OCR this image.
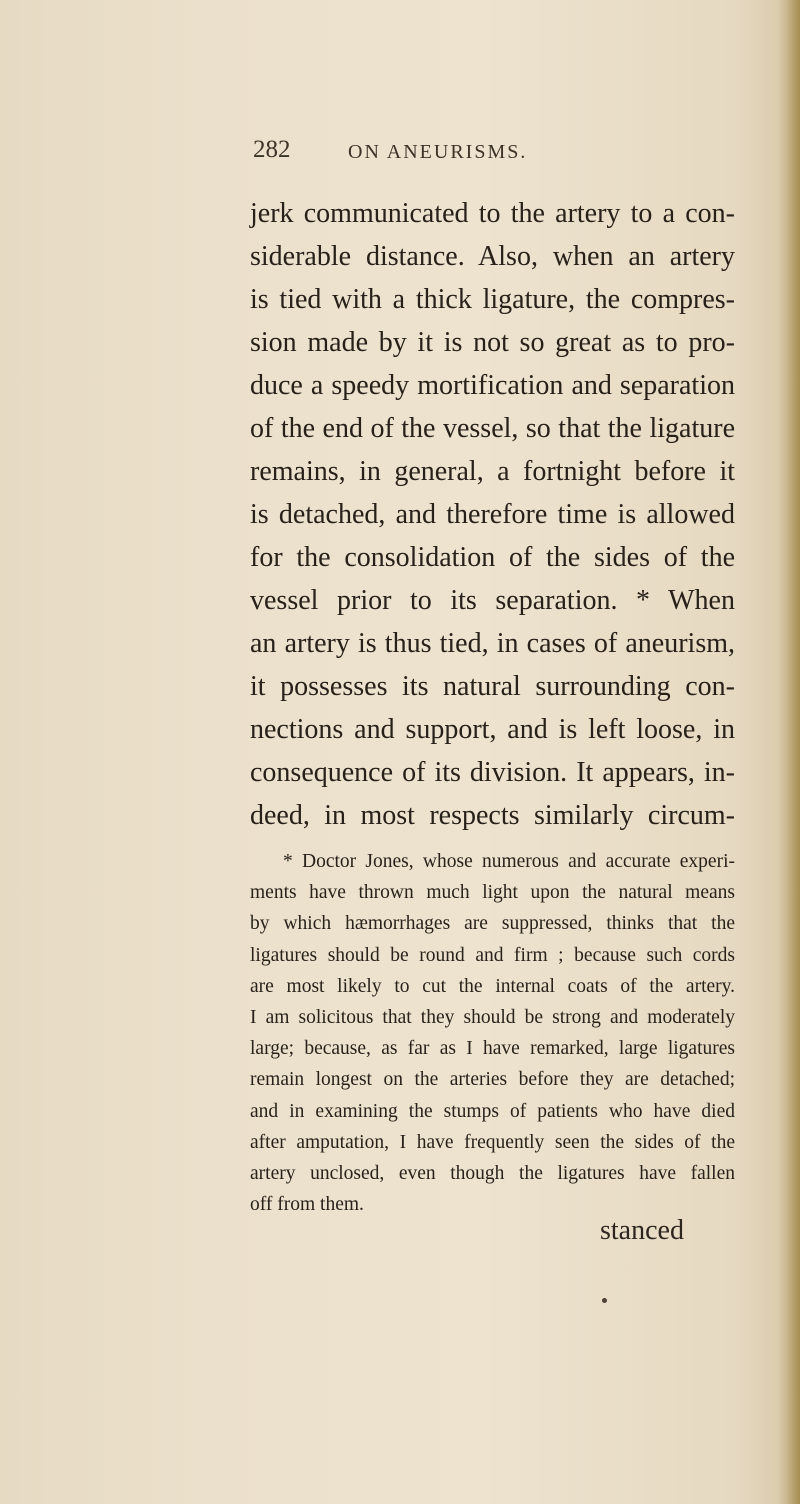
282	ON ANEURISMS.
jerk communicated to the artery to a con-
siderable distance. Also, when an artery
is tied with a thick ligature, the compres-
sion made by it is not so great as to pro-
duce a speedy mortification and separation
of the end of the vessel, so that the ligature
remains, in general, a fortnight before it
is detached, and therefore time is allowed
for the consolidation of the sides of the
vessel prior to its separation. * When
an artery is thus tied, in cases of aneurism,
it possesses its natural surrounding con-
nections and support, and is left loose, in
consequence of its division. It appears, in-
deed, in most respects similarly circum-
* Doctor Jones, whose numerous and accurate experi-
ments have thrown much light upon the natural means
by which hæmorrhages are suppressed, thinks that the
ligatures should be round and firm ; because such cords
are most likely to cut the internal coats of the artery.
I am solicitous that they should be strong and moderately
large; because, as far as I have remarked, large ligatures
remain longest on the arteries before they are detached;
and in examining the stumps of patients who have died
after amputation, I have frequently seen the sides of the
artery unclosed, even though the ligatures have fallen
off from them.
stanced
